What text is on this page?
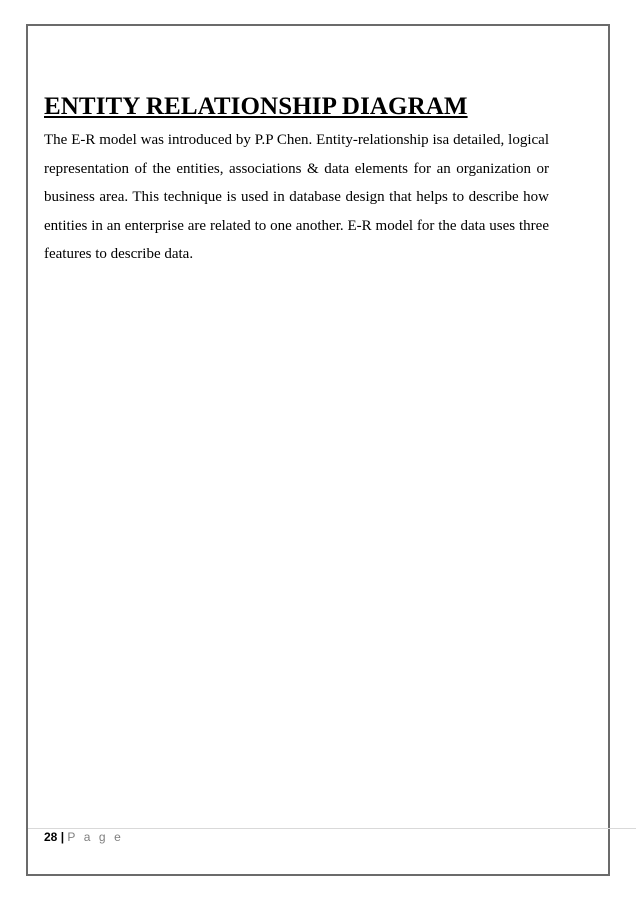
ENTITY RELATIONSHIP DIAGRAM

The E-R model was introduced by P.P Chen. Entity-relationship isa detailed, logical representation of the entities, associations & data elements for an organization or business area. This technique is used in database design that helps to describe how entities in an enterprise are related to one another. E-R model for the data uses three features to describe data.

28 | P a g e
